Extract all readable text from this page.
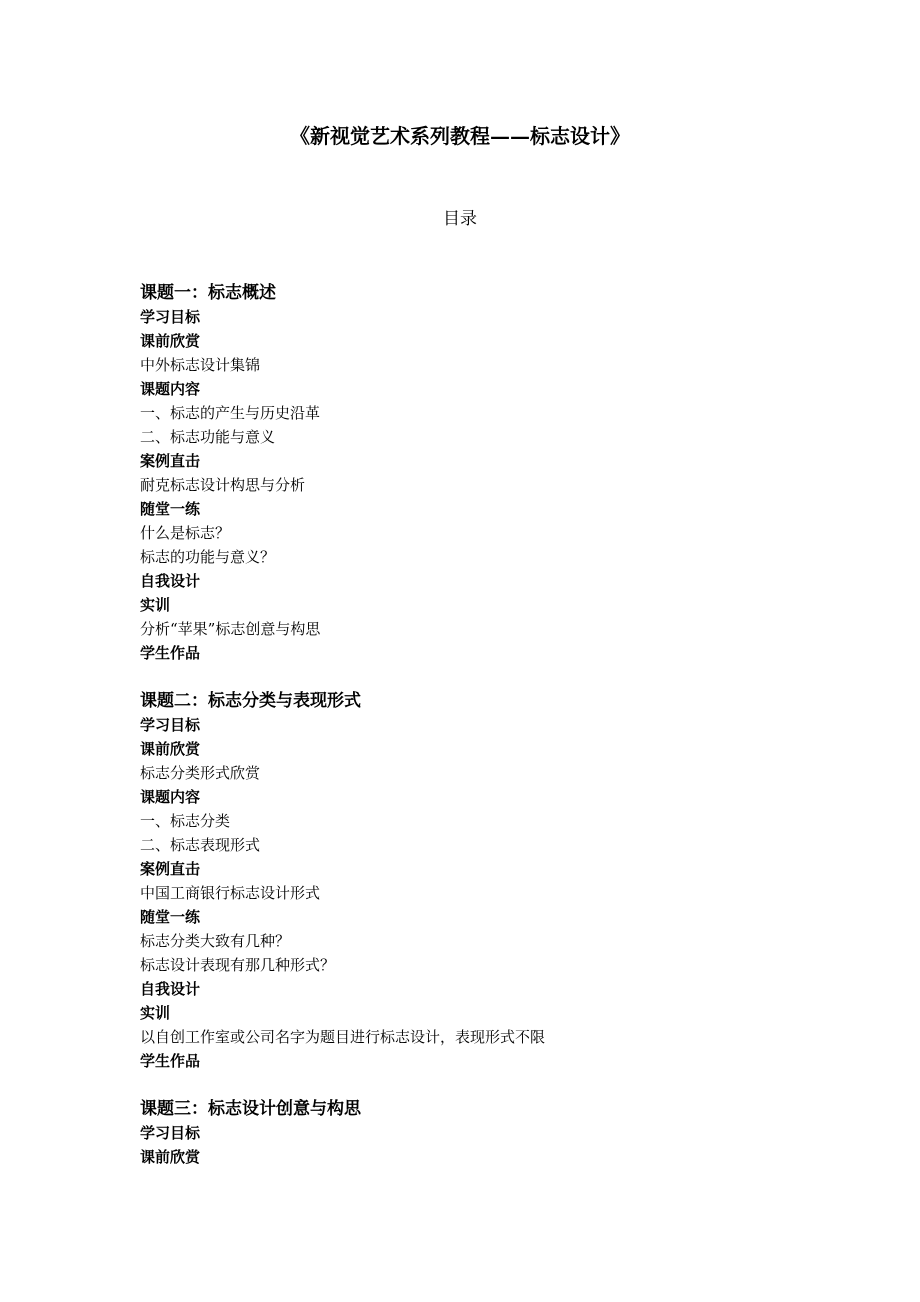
《新视觉艺术系列教程——标志设计》
目录
课题一：标志概述
学习目标
课前欣赏
中外标志设计集锦
课题内容
一、标志的产生与历史沿革
二、标志功能与意义
案例直击
耐克标志设计构思与分析
随堂一练
什么是标志？
标志的功能与意义？
自我设计
实训
分析“苹果”标志创意与构思
学生作品
课题二：标志分类与表现形式
学习目标
课前欣赏
标志分类形式欣赏
课题内容
一、标志分类
二、标志表现形式
案例直击
中国工商银行标志设计形式
随堂一练
标志分类大致有几种？
标志设计表现有那几种形式？
自我设计
实训
以自创工作室或公司名字为题目进行标志设计，表现形式不限
学生作品
课题三：标志设计创意与构思
学习目标
课前欣赏
